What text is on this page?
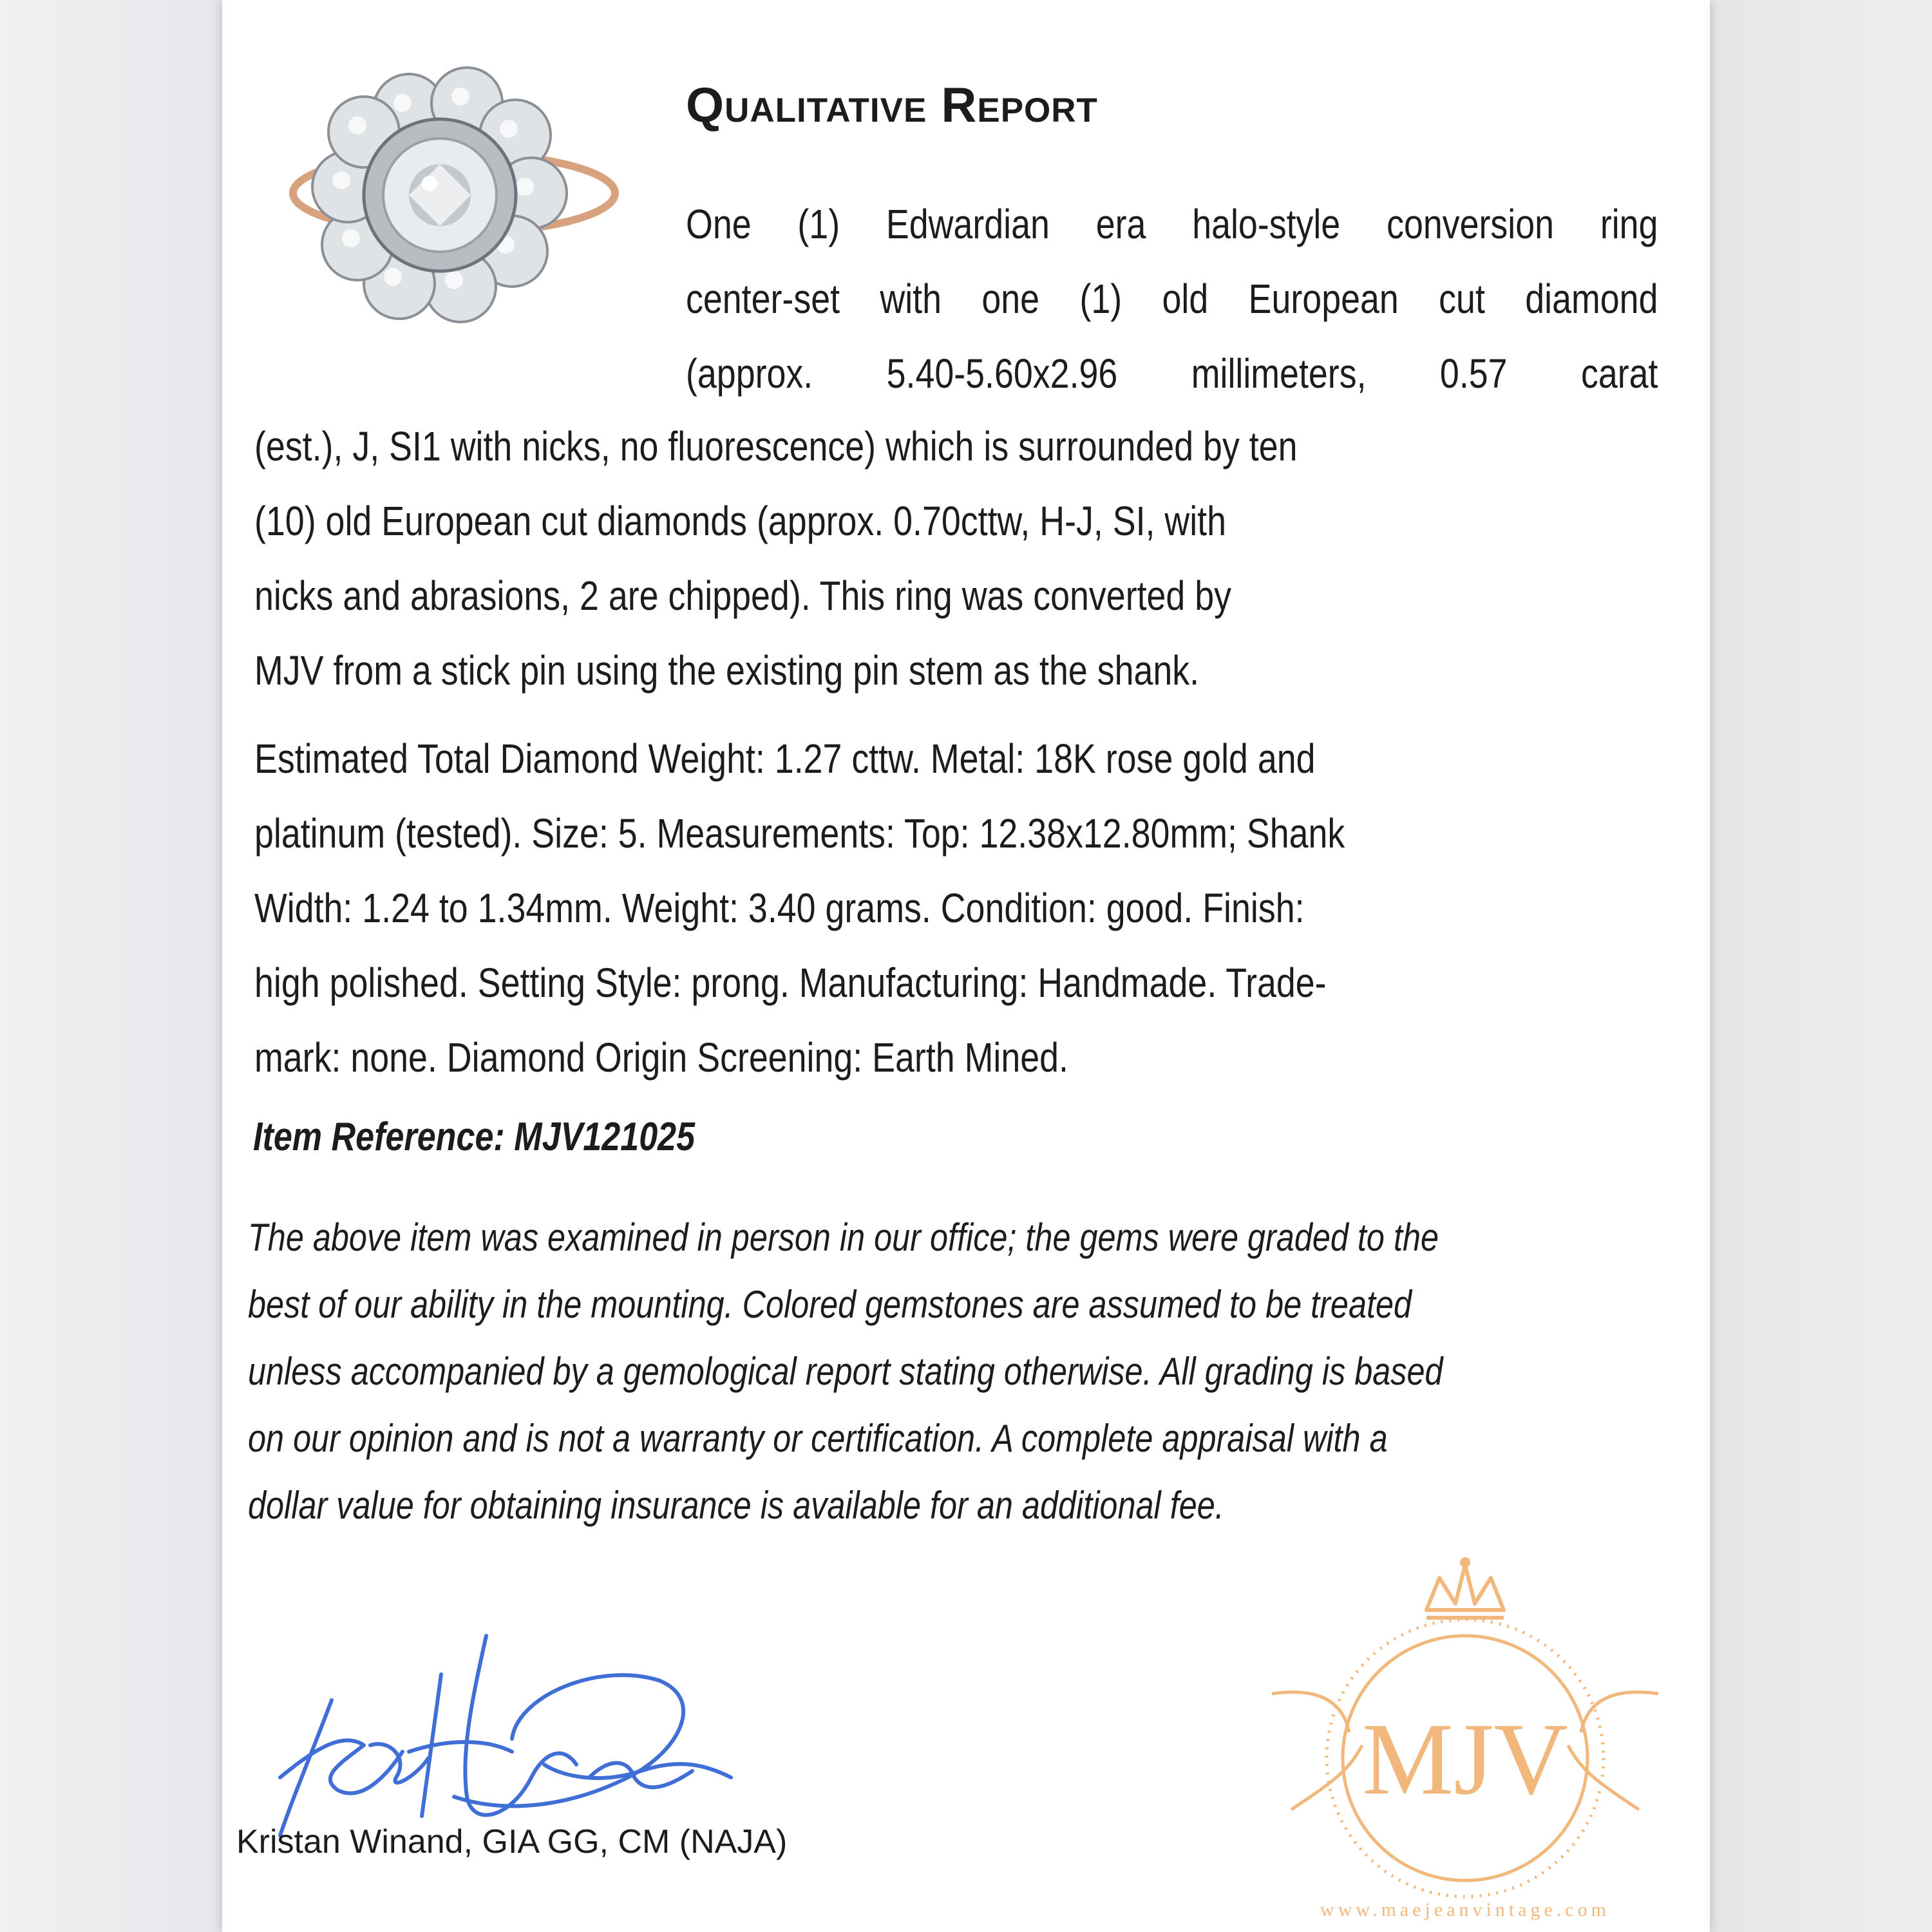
Qualitative Report
One (1) Edwardian era halo-style conversion ring
center-set with one (1) old European cut diamond
(approx. 5.40-5.60x2.96 millimeters, 0.57 carat
(est.), J, SI1 with nicks, no fluorescence) which is surrounded by ten
(10) old European cut diamonds (approx. 0.70cttw, H-J, SI, with
nicks and abrasions, 2 are chipped). This ring was converted by
MJV from a stick pin using the existing pin stem as the shank.
Estimated Total Diamond Weight: 1.27 cttw. Metal: 18K rose gold and
platinum (tested). Size: 5. Measurements: Top: 12.38x12.80mm; Shank
Width: 1.24 to 1.34mm. Weight: 3.40 grams. Condition: good. Finish:
high polished. Setting Style: prong. Manufacturing: Handmade. Trade-
mark: none. Diamond Origin Screening: Earth Mined.
Item Reference: MJV121025
The above item was examined in person in our office; the gems were graded to the
best of our ability in the mounting. Colored gemstones are assumed to be treated
unless accompanied by a gemological report stating otherwise. All grading is based
on our opinion and is not a warranty or certification. A complete appraisal with a
dollar value for obtaining insurance is available for an additional fee.
Kristan Winand, GIA GG, CM (NAJA)
MJV
www.maejeanvintage.com
